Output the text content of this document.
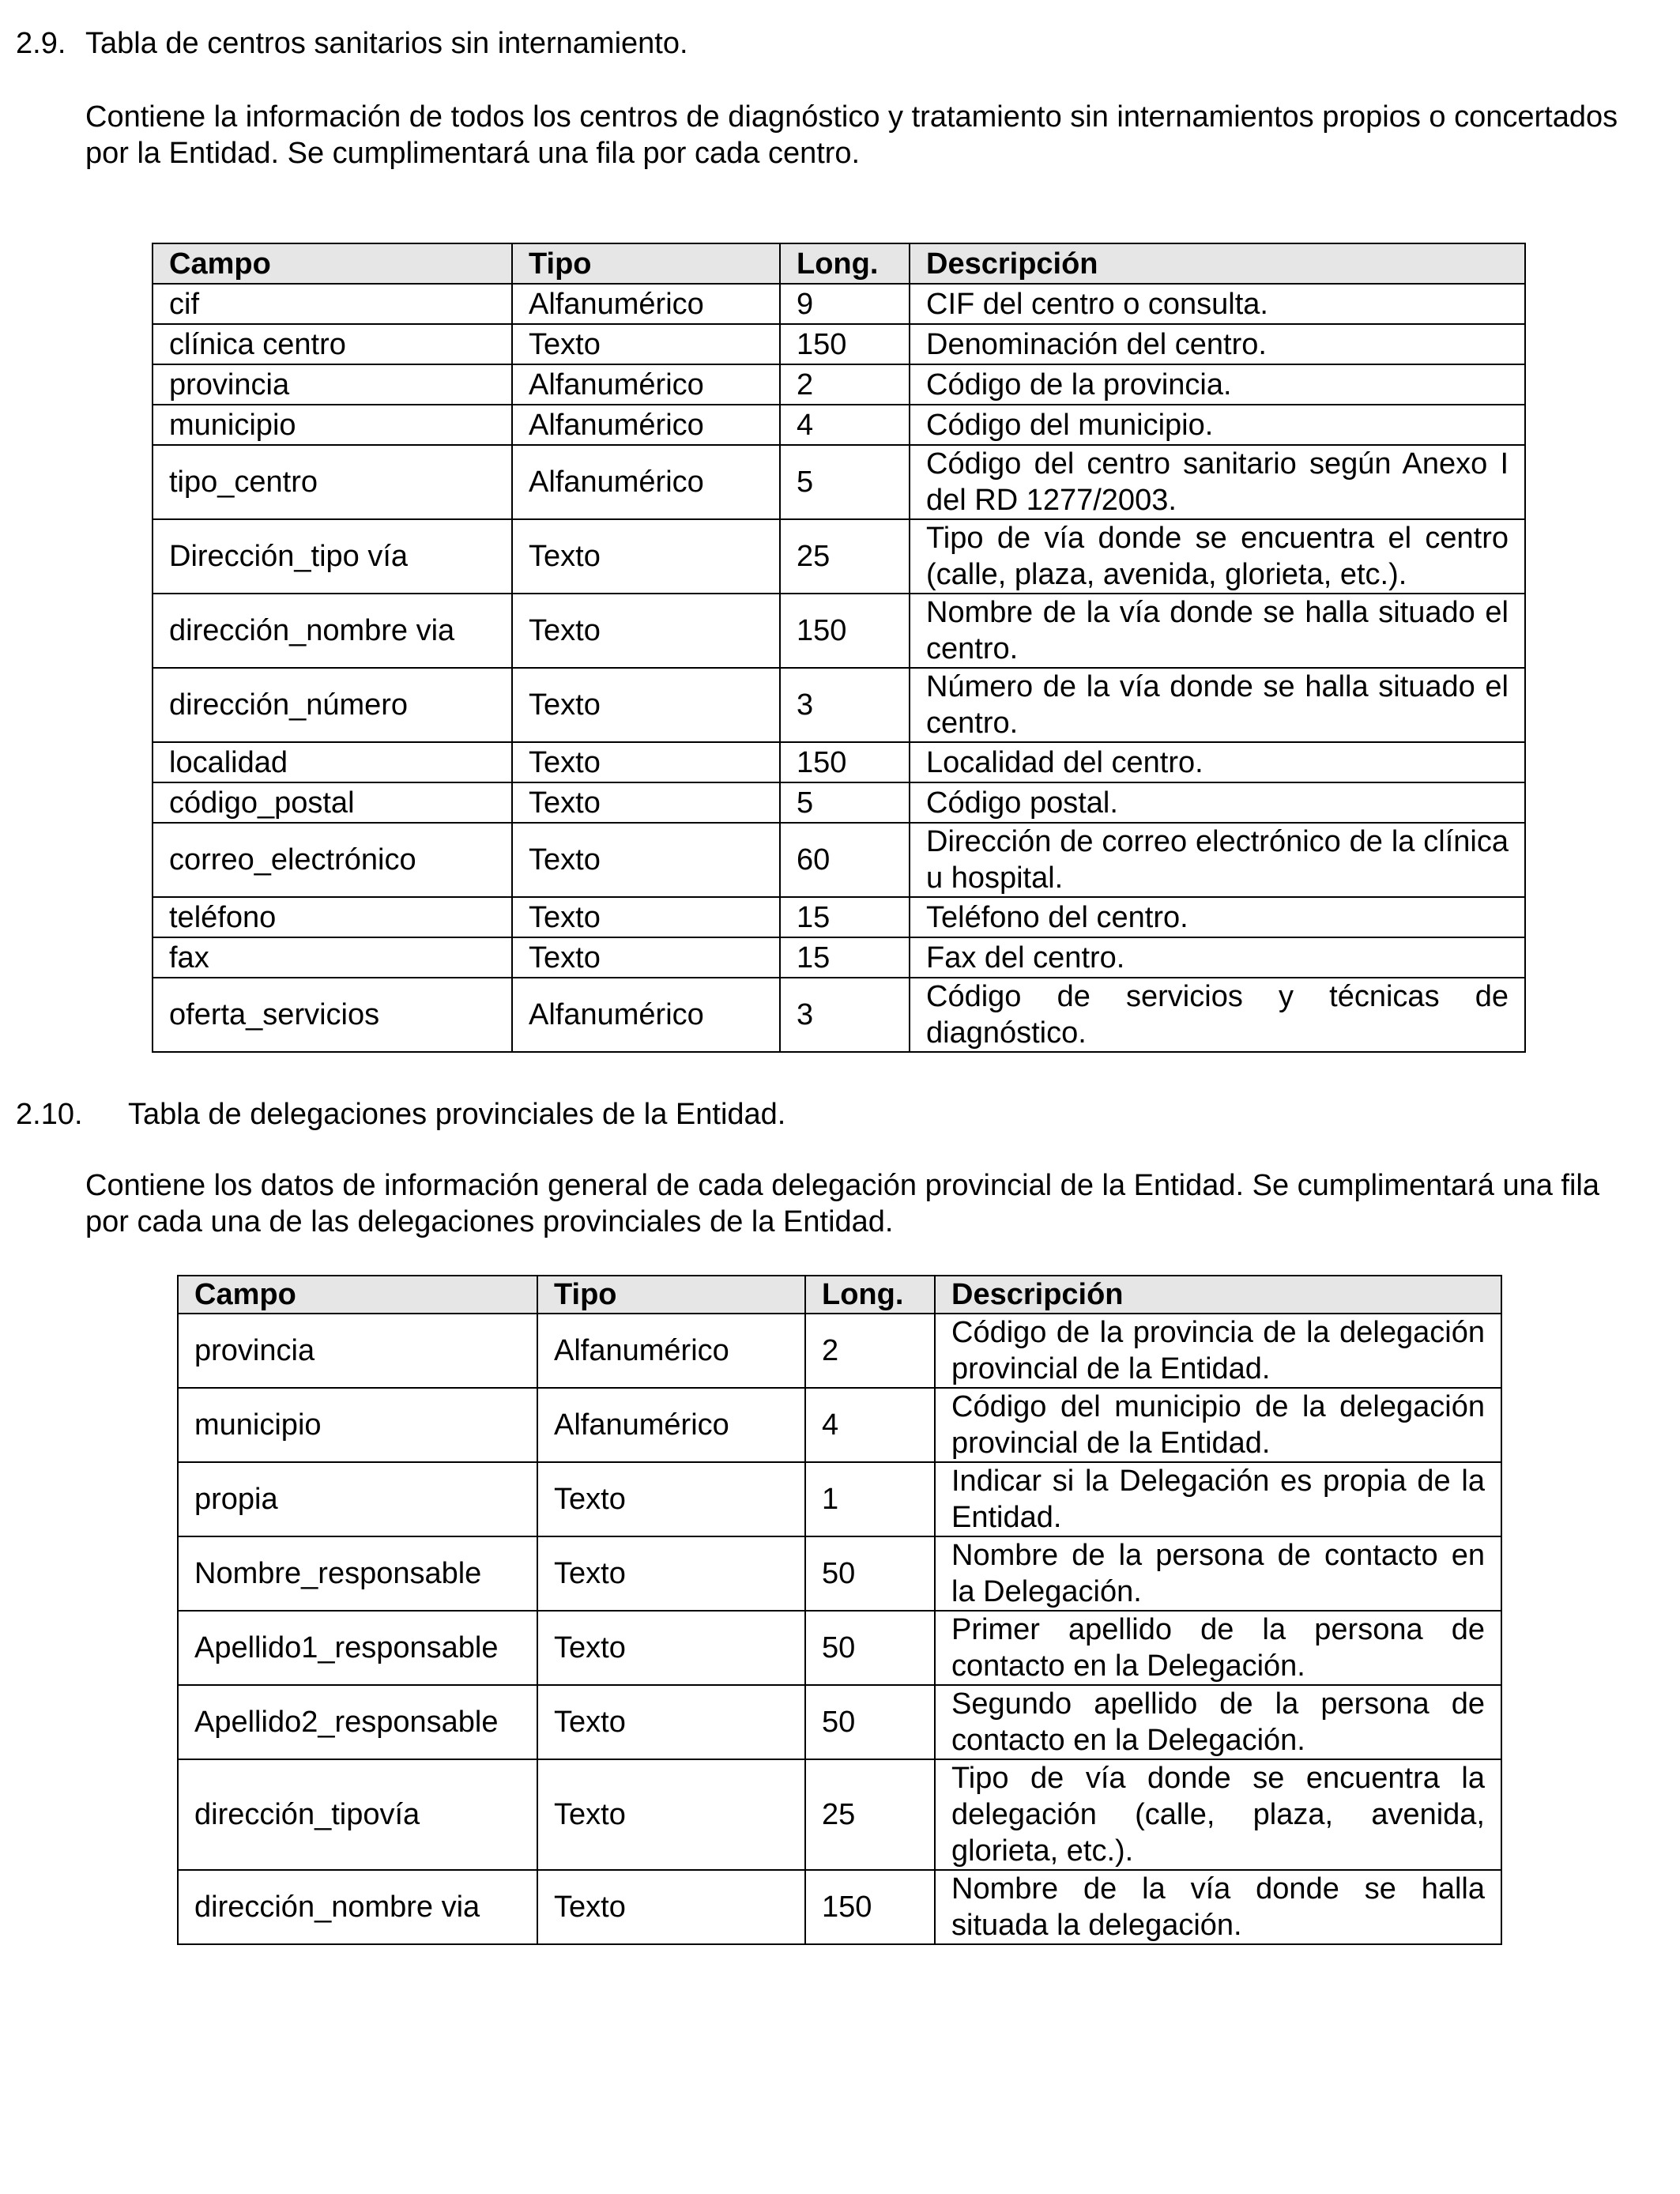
2.9. Tabla de centros sanitarios sin internamiento.
Contiene la información de todos los centros de diagnóstico y tratamiento sin internamientos propios o concertados
por la Entidad. Se cumplimentará una fila por cada centro.
Campo	Tipo	Long.	Descripción
cif	Alfanumérico	9	CIF del centro o consulta.
clínica centro	Texto	150	Denominación del centro.
provincia	Alfanumérico	2	Código de la provincia.
municipio	Alfanumérico	4	Código del municipio.
tipo_centro	Alfanumérico	5	Código del centro sanitario según Anexo I del RD 1277/2003.
Dirección_tipo vía	Texto	25	Tipo de vía donde se encuentra el centro (calle, plaza, avenida, glorieta, etc.).
dirección_nombre via	Texto	150	Nombre de la vía donde se halla situado el centro.
dirección_número	Texto	3	Número de la vía donde se halla situado el centro.
localidad	Texto	150	Localidad del centro.
código_postal	Texto	5	Código postal.
correo_electrónico	Texto	60	Dirección de correo electrónico de la clínica u hospital.
teléfono	Texto	15	Teléfono del centro.
fax	Texto	15	Fax del centro.
oferta_servicios	Alfanumérico	3	Código de servicios y técnicas de diagnóstico.
2.10. Tabla de delegaciones provinciales de la Entidad.
Contiene los datos de información general de cada delegación provincial de la Entidad. Se cumplimentará una fila
por cada una de las delegaciones provinciales de la Entidad.
Campo	Tipo	Long.	Descripción
provincia	Alfanumérico	2	Código de la provincia de la delegación provincial de la Entidad.
municipio	Alfanumérico	4	Código del municipio de la delegación provincial de la Entidad.
propia	Texto	1	Indicar si la Delegación es propia de la Entidad.
Nombre_responsable	Texto	50	Nombre de la persona de contacto en la Delegación.
Apellido1_responsable	Texto	50	Primer apellido de la persona de contacto en la Delegación.
Apellido2_responsable	Texto	50	Segundo apellido de la persona de contacto en la Delegación.
dirección_tipovía	Texto	25	Tipo de vía donde se encuentra la delegación (calle, plaza, avenida, glorieta, etc.).
dirección_nombre via	Texto	150	Nombre de la vía donde se halla situada la delegación.
